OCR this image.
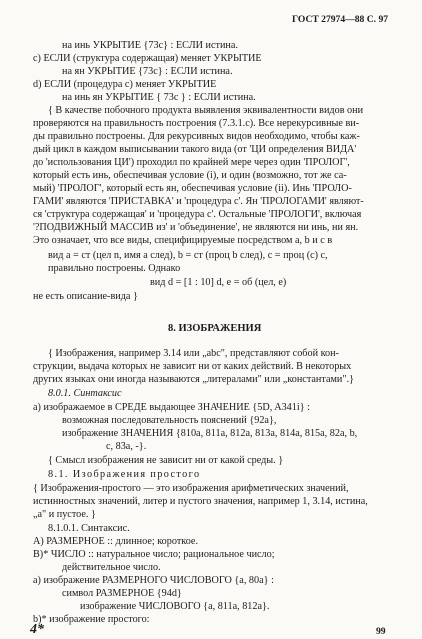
ГОСТ 27974—88 С. 97
на инь УКРЫТИЕ {73c} : ЕСЛИ истина.
c) ЕСЛИ (структура содержащая) меняет УКРЫТИЕ
на ян УКРЫТИЕ {73c} : ЕСЛИ истина.
d) ЕСЛИ (процедура с) меняет УКРЫТИЕ
на инь ян УКРЫТИЕ { 73c } : ЕСЛИ истина.
{ В качестве побочного продукта выявления эквивалентности видов они
проверяются на правильность построения (7.3.1.c). Все нерекурсивные ви-
ды правильно построены. Для рекурсивных видов необходимо, чтобы каж-
дый цикл в каждом выписывании такого вида (от 'ЦИ определения ВИДА'
до 'использования ЦИ') проходил по крайней мере через один 'ПРОЛОГ',
который есть инь, обеспечивая условие (i), и один (возможно, тот же са-
мый) 'ПРОЛОГ', который есть ян, обеспечивая условие (ii). Инь 'ПРОЛО-
ГАМИ' являются 'ПРИСТАВКА' и 'процедура с'. Ян 'ПРОЛОГАМИ' являют-
ся 'структура содержащая' и 'процедура с'. Остальные 'ПРОЛОГИ', включая
'?ПОДВИЖНЫЙ МАССИВ из' и 'объединение', не являются ни инь, ни ян.
Это означает, что все виды, специфицируемые посредством а, b и с в
вид а = ст (цел n, имя а след), b = ст (проц b след), с = проц (с) с,
правильно построены. Однако
вид d = [1 : 10] d, e = об (цел, е)
не есть описание-вида }
8. ИЗОБРАЖЕНИЯ
{ Изображения, например 3.14 или „abc", представляют собой кон-
струкции, выдача которых не зависит ни от каких действий. В некоторых
других языках они иногда называются „литералами" или „константами".}
8.0.1. Синтаксис
a) изображаемое в СРЕДЕ выдающее ЗНАЧЕНИЕ {5D, A341i} :
возможная последовательность пояснений {92a},
изображение ЗНАЧЕНИЯ {810a, 811a, 812a, 813a, 814a, 815a, 82a, b,
c, 83a, -}.
{ Смысл изображения не зависит ни от какой среды. }
8.1. Изображения простого
{ Изображения-простого — это изображения арифметических значений,
истинностных значений, литер и пустого значения, например 1, 3.14, истина,
„а" и пустое. }
8.1.0.1. Синтаксис.
A) РАЗМЕРНОЕ :: длинное; короткое.
B)* ЧИСЛО :: натуральное число; рациональное число;
действительное число.
a) изображение РАЗМЕРНОГО ЧИСЛОВОГО {a, 80a} :
символ РАЗМЕРНОЕ {94d}
изображение ЧИСЛОВОГО {a, 811a, 812a}.
b)* изображение простого:
4*	99
